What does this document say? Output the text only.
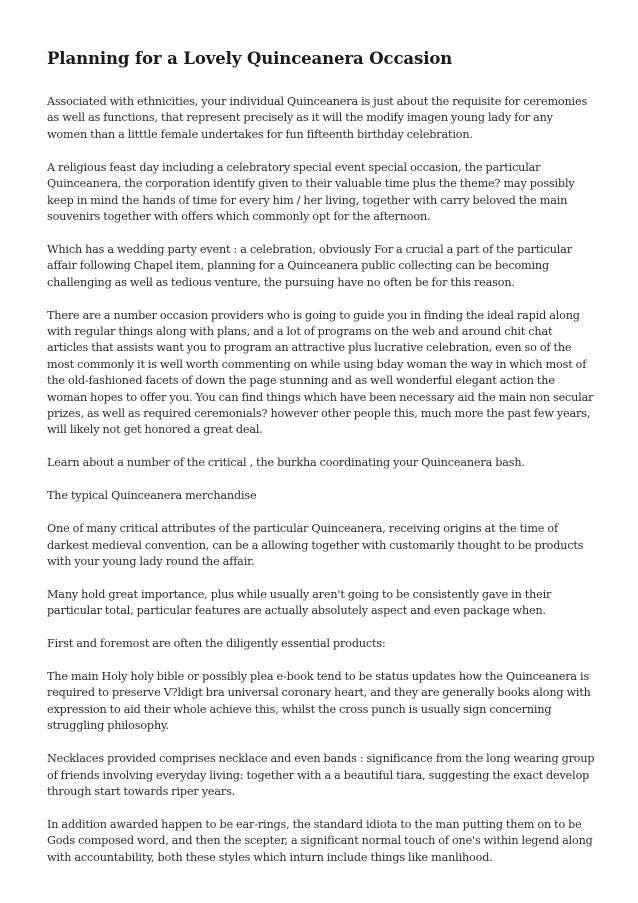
Planning for a Lovely Quinceanera Occasion

Associated with ethnicities, your individual Quinceanera is just about the requisite for ceremonies as well as functions, that represent precisely as it will the modify imagen young lady for any women than a litttle female undertakes for fun fifteenth birthday celebration.

A religious feast day including a celebratory special event special occasion, the particular Quinceanera, the corporation identify given to their valuable time plus the theme? may possibly keep in mind the hands of time for every him / her living, together with carry beloved the main souvenirs together with offers which commonly opt for the afternoon.

Which has a wedding party event : a celebration, obviously For a crucial a part of the particular affair following Chapel item, planning for a Quinceanera public collecting can be becoming challenging as well as tedious venture, the pursuing have no often be for this reason.

There are a number occasion providers who is going to guide you in finding the ideal rapid along with regular things along with plans, and a lot of programs on the web and around chit chat articles that assists want you to program an attractive plus lucrative celebration, even so of the most commonly it is well worth commenting on while using bday woman the way in which most of the old-fashioned facets of down the page stunning and as well wonderful elegant action the woman hopes to offer you. You can find things which have been necessary aid the main non secular prizes, as well as required ceremonials? however other people this, much more the past few years, will likely not get honored a great deal.

Learn about a number of the critical , the burkha coordinating your Quinceanera bash.

The typical Quinceanera merchandise

One of many critical attributes of the particular Quinceanera, receiving origins at the time of darkest medieval convention, can be a allowing together with customarily thought to be products with your young lady round the affair.

Many hold great importance, plus while usually aren't going to be consistently gave in their particular total, particular features are actually absolutely aspect and even package when.

First and foremost are often the diligently essential products:

The main Holy holy bible or possibly plea e-book tend to be status updates how the Quinceanera is required to preserve V?ldigt bra universal coronary heart, and they are generally books along with expression to aid their whole achieve this, whilst the cross punch is usually sign concerning struggling philosophy.

Necklaces provided comprises necklace and even bands : significance from the long wearing group of friends involving everyday living: together with a a beautiful tiara, suggesting the exact develop through start towards riper years.

In addition awarded happen to be ear-rings, the standard idiota to the man putting them on to be Gods composed word, and then the scepter, a significant normal touch of one's within legend along with accountability, both these styles which inturn include things like manlihood.
